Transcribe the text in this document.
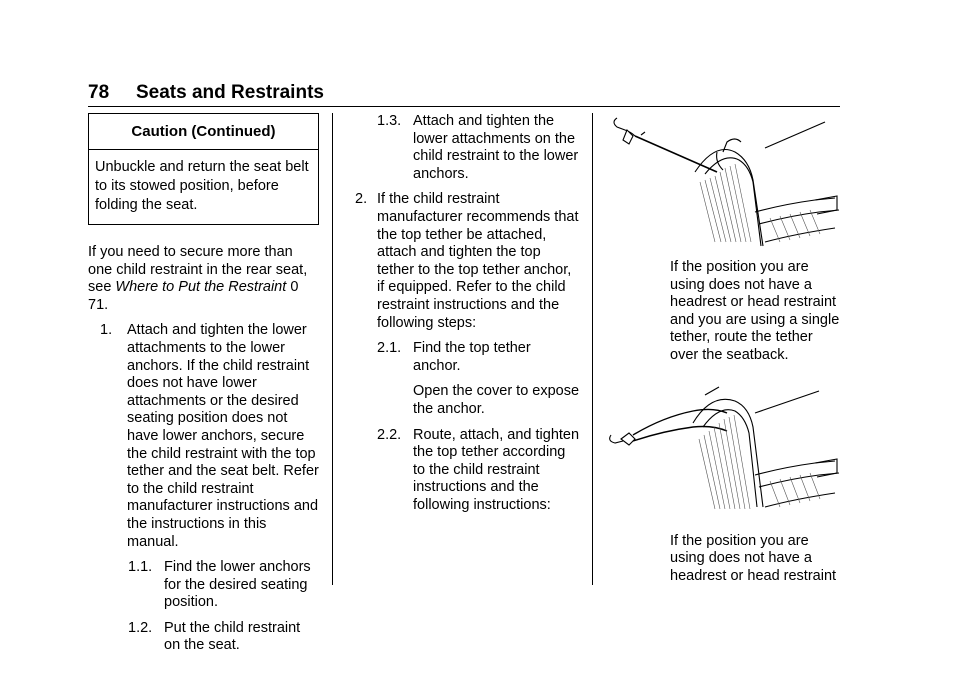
78 Seats and Restraints
Caution (Continued)
Unbuckle and return the seat belt to its stowed position, before folding the seat.

If you need to secure more than one child restraint in the rear seat, see Where to Put the Restraint 0 71.

1.	Attach and tighten the lower attachments to the lower anchors. If the child restraint does not have lower attachments or the desired seating position does not have lower anchors, secure the child restraint with the top tether and the seat belt. Refer to the child restraint manufacturer instructions and the instructions in this manual.
1.1. Find the lower anchors for the desired seating position.
1.2. Put the child restraint on the seat.
1.3. Attach and tighten the lower attachments on the child restraint to the lower anchors.
2. If the child restraint manufacturer recommends that the top tether be attached, attach and tighten the top tether to the top tether anchor, if equipped. Refer to the child restraint instructions and the following steps:
2.1. Find the top tether anchor.

Open the cover to expose the anchor.

2.2. Route, attach, and tighten the top tether according to the child restraint instructions and the following instructions:

If the position you are using does not have a headrest or head restraint and you are using a single tether, route the tether over the seatback.

If the position you are using does not have a headrest or head restraint
